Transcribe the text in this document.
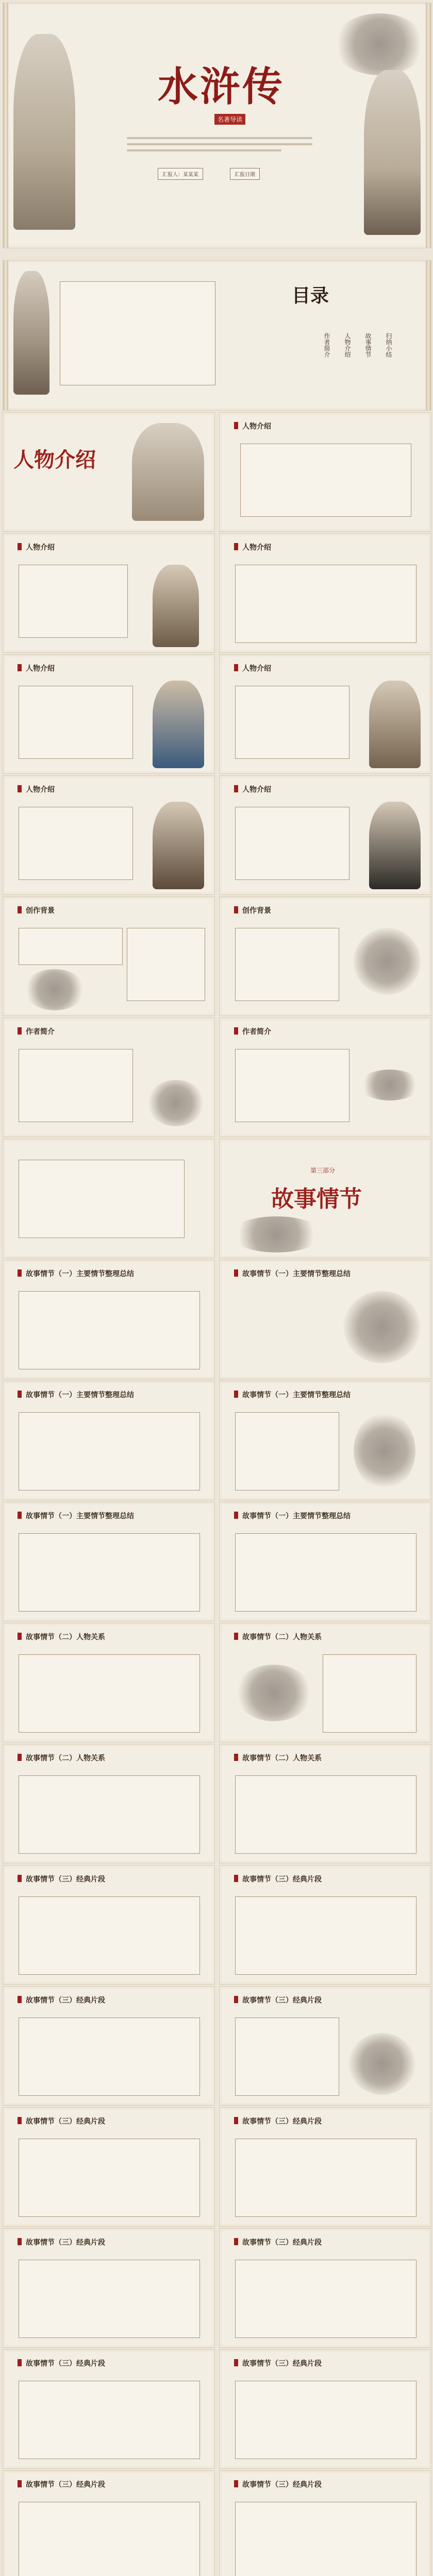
水浒传
名著导读
汇报人：某某某	汇报日期
目录
作者简介 人物介绍 故事情节 归纳小结
人物介绍
人物介绍
人物介绍	人物介绍
人物介绍	人物介绍
人物介绍	人物介绍
创作背景	创作背景
作者简介	作者简介
第三部分
故事情节
故事情节（一）主要情节整理总结	故事情节（一）主要情节整理总结
故事情节（一）主要情节整理总结	故事情节（一）主要情节整理总结
故事情节（一）主要情节整理总结	故事情节（一）主要情节整理总结
故事情节（二）人物关系	故事情节（二）人物关系
故事情节（二）人物关系	故事情节（二）人物关系
故事情节（三）经典片段	故事情节（三）经典片段
故事情节（三）经典片段	故事情节（三）经典片段
故事情节（三）经典片段	故事情节（三）经典片段
故事情节（三）经典片段	故事情节（三）经典片段
故事情节（三）经典片段	故事情节（三）经典片段
故事情节（三）经典片段	故事情节（三）经典片段
